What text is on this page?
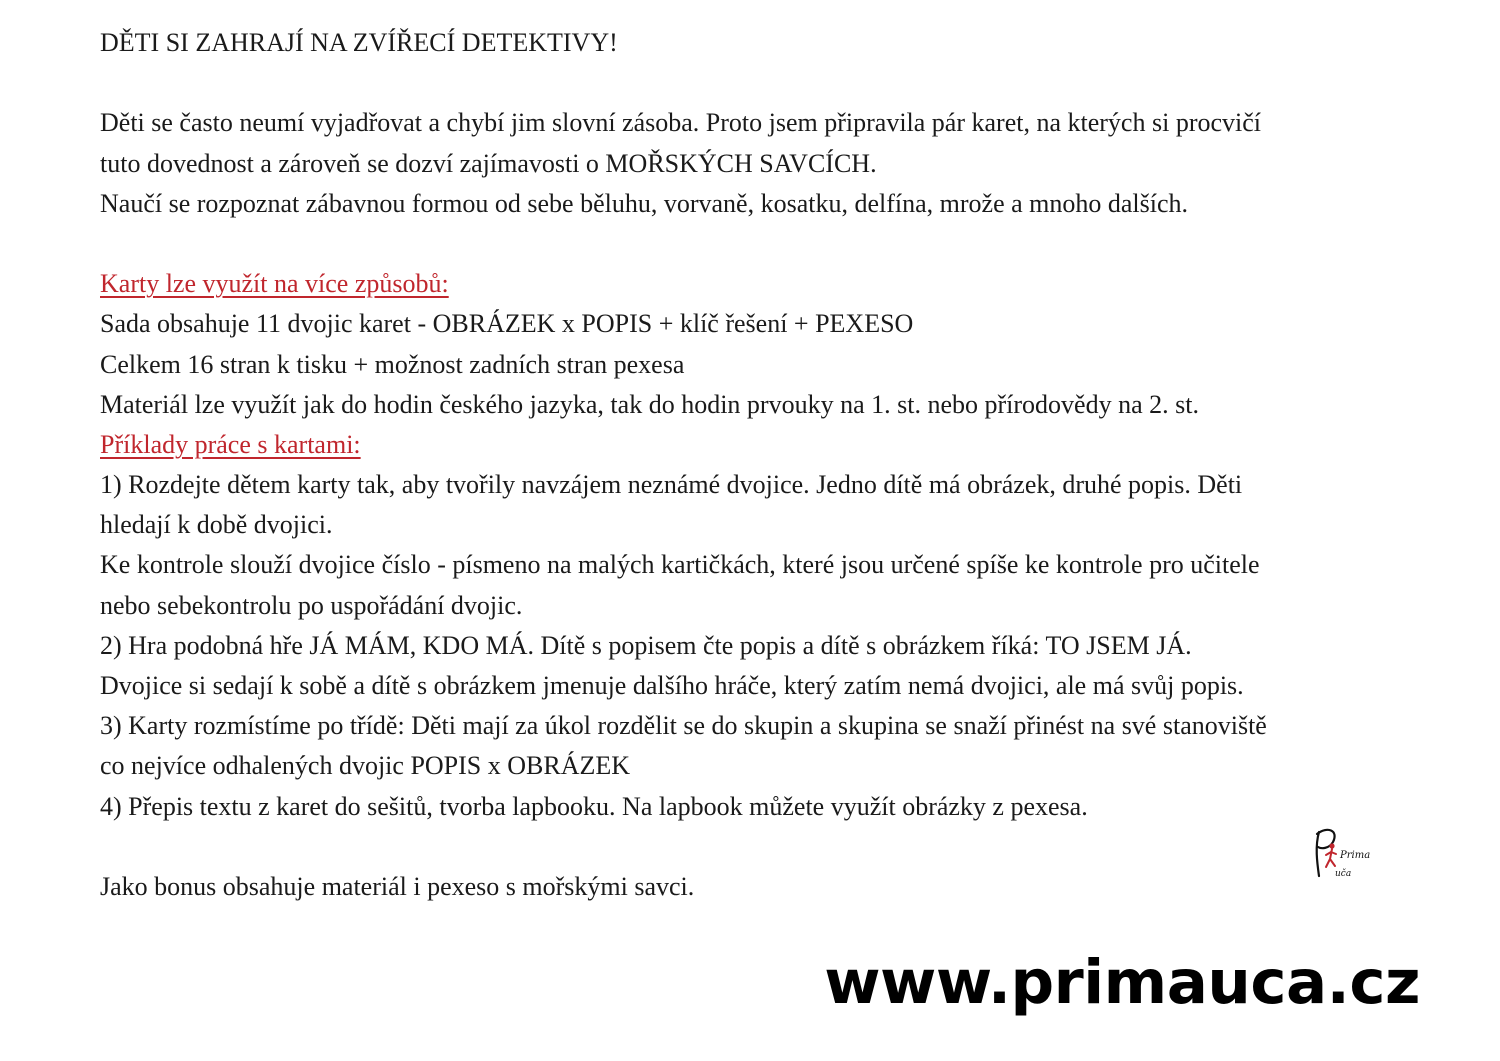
DĚTI SI ZAHRAJÍ NA ZVÍŘECÍ DETEKTIVY!
Děti se často neumí vyjadřovat a chybí jim slovní zásoba. Proto jsem připravila pár karet, na kterých si procvičí
tuto dovednost a zároveň se dozví zajímavosti o MOŘSKÝCH SAVCÍCH.
Naučí se rozpoznat zábavnou formou od sebe běluhu, vorvaně, kosatku, delfína, mrože a mnoho dalších.
Karty lze využít na více způsobů:
Sada obsahuje 11 dvojic karet - OBRÁZEK x POPIS + klíč řešení + PEXESO
Celkem 16 stran k tisku + možnost zadních stran pexesa
Materiál lze využít jak do hodin českého jazyka, tak do hodin prvouky na 1. st. nebo přírodovědy na 2. st.
Příklady práce s kartami:
1) Rozdejte dětem karty tak, aby tvořily navzájem neznámé dvojice. Jedno dítě má obrázek, druhé popis. Děti
hledají k době dvojici.
Ke kontrole slouží dvojice číslo - písmeno na malých kartičkách, které jsou určené spíše ke kontrole pro učitele
nebo sebekontrolu po uspořádání dvojic.
2) Hra podobná hře JÁ MÁM, KDO MÁ. Dítě s popisem čte popis a dítě s obrázkem říká: TO JSEM JÁ.
Dvojice si sedají k sobě a dítě s obrázkem jmenuje dalšího hráče, který zatím nemá dvojici, ale má svůj popis.
3) Karty rozmístíme po třídě: Děti mají za úkol rozdělit se do skupin a skupina se snaží přinést na své stanoviště
co nejvíce odhalených dvojic POPIS x OBRÁZEK
4) Přepis textu z karet do sešitů, tvorba lapbooku. Na lapbook můžete využít obrázky z pexesa.
Jako bonus obsahuje materiál i pexeso s mořskými savci.
Prima
uča
www.primauca.cz
